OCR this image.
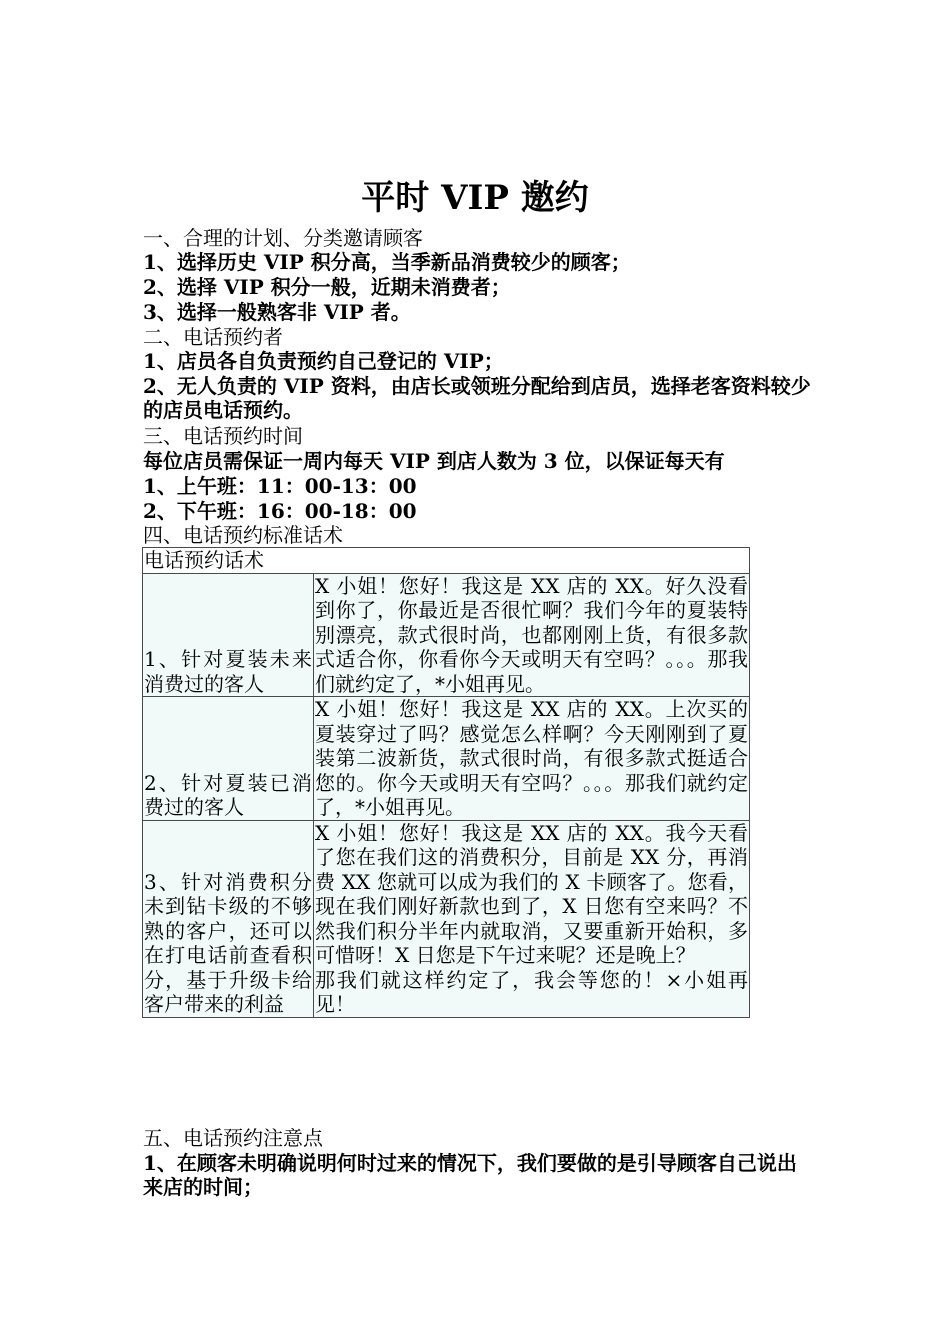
平时 VIP 邀约
一、合理的计划、分类邀请顾客
1、选择历史 VIP 积分高，当季新品消费较少的顾客；
2、选择 VIP 积分一般，近期未消费者；
3、选择一般熟客非 VIP 者。
二、电话预约者
1、店员各自负责预约自己登记的 VIP；
2、无人负责的 VIP 资料，由店长或领班分配给到店员，选择老客资料较少的店员电话预约。
三、电话预约时间
每位店员需保证一周内每天 VIP 到店人数为 3 位，以保证每天有
1、上午班：11：00-13：00
2、下午班：16：00-18：00
四、电话预约标准话术
电话预约话术	
1、针对夏装未来消费过的客人	X 小姐！您好！我这是 XX 店的 XX。好久没看到你了，你最近是否很忙啊？我们今年的夏装特别漂亮，款式很时尚，也都刚刚上货，有很多款式适合你，你看你今天或明天有空吗？。。。那我们就约定了，*小姐再见。
2、针对夏装已消费过的客人	X 小姐！您好！我这是 XX 店的 XX。上次买的夏装穿过了吗？感觉怎么样啊？今天刚刚到了夏装第二波新货，款式很时尚，有很多款式挺适合您的。你今天或明天有空吗？。。。那我们就约定了，*小姐再见。
3、针对消费积分未到钻卡级的不够熟的客户，还可以在打电话前查看积分，基于升级卡给客户带来的利益	X 小姐！您好！我这是 XX 店的 XX。我今天看了您在我们这的消费积分，目前是 XX 分，再消费 XX 您就可以成为我们的 X 卡顾客了。您看，现在我们刚好新款也到了，X 日您有空来吗？不然我们积分半年内就取消，又要重新开始积，多可惜呀！X 日您是下午过来呢？还是晚上？
那我们就这样约定了，我会等您的！×小姐再见！
五、电话预约注意点
1、在顾客未明确说明何时过来的情况下，我们要做的是引导顾客自己说出来店的时间；
